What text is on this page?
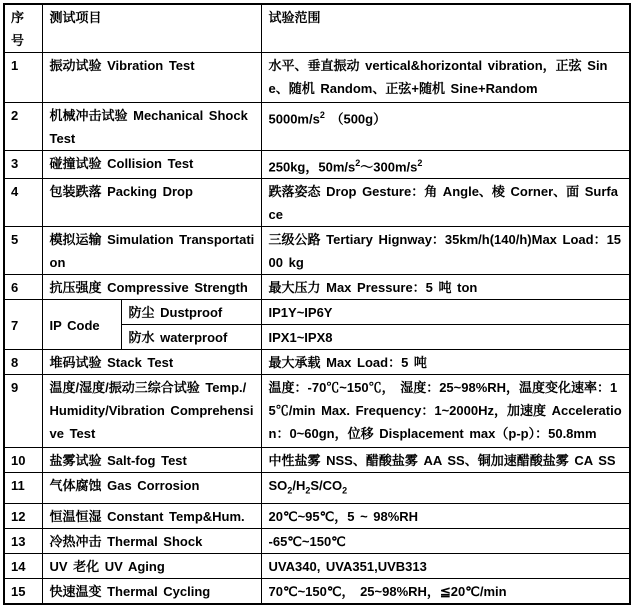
序号	测试项目		试验范围
1	振动试验 Vibration Test		水平、垂直振动 vertical&horizontal vibration，正弦 Sine、随机 Random、正弦+随机 Sine+Random
2	机械冲击试验 Mechanical Shock Test		$5000m/s^2$ （500g）
3	碰撞试验 Collision Test		250kg，$50m/s^2\sim 300m/s^2$
4	包装跌落 Packing Drop		跌落姿态 Drop Gesture：角 Angle、棱 Corner、面 Surface
5	模拟运输 Simulation Transportation		三级公路 Tertiary Hignway：35km/h(140/h)Max Load：1500 kg
6	抗压强度 Compressive Strength		最大压力 Max Pressure：5 吨 ton
7	IP Code	防尘 Dustproof	IP1Y~IP6Y
		防水 waterproof	IPX1~IPX8
8	堆码试验 Stack Test		最大承载 Max Load：5 吨
9	温度/湿度/振动三综合试验 Temp./Humidity/Vibration Comprehensive Test		温度：-70℃~150℃， 湿度：25~98%RH，温度变化速率：15℃/min Max. Frequency：1~2000Hz，加速度 Acceleration：0~60gn，位移 Displacement max（p-p）：50.8mm
10	盐雾试验 Salt-fog Test		中性盐雾 NSS、醋酸盐雾 AA SS、铜加速醋酸盐雾 CA SS
11	气体腐蚀 Gas Corrosion		$SO_2/H_2S/CO_2$
12	恒温恒湿 Constant Temp&Hum.		20℃~95℃，5 ~ 98%RH
13	冷热冲击 Thermal Shock		-65℃~150℃
14	UV 老化 UV Aging		UVA340, UVA351,UVB313
15	快速温变 Thermal Cycling		70℃~150℃， 25~98%RH，≦20℃/min
